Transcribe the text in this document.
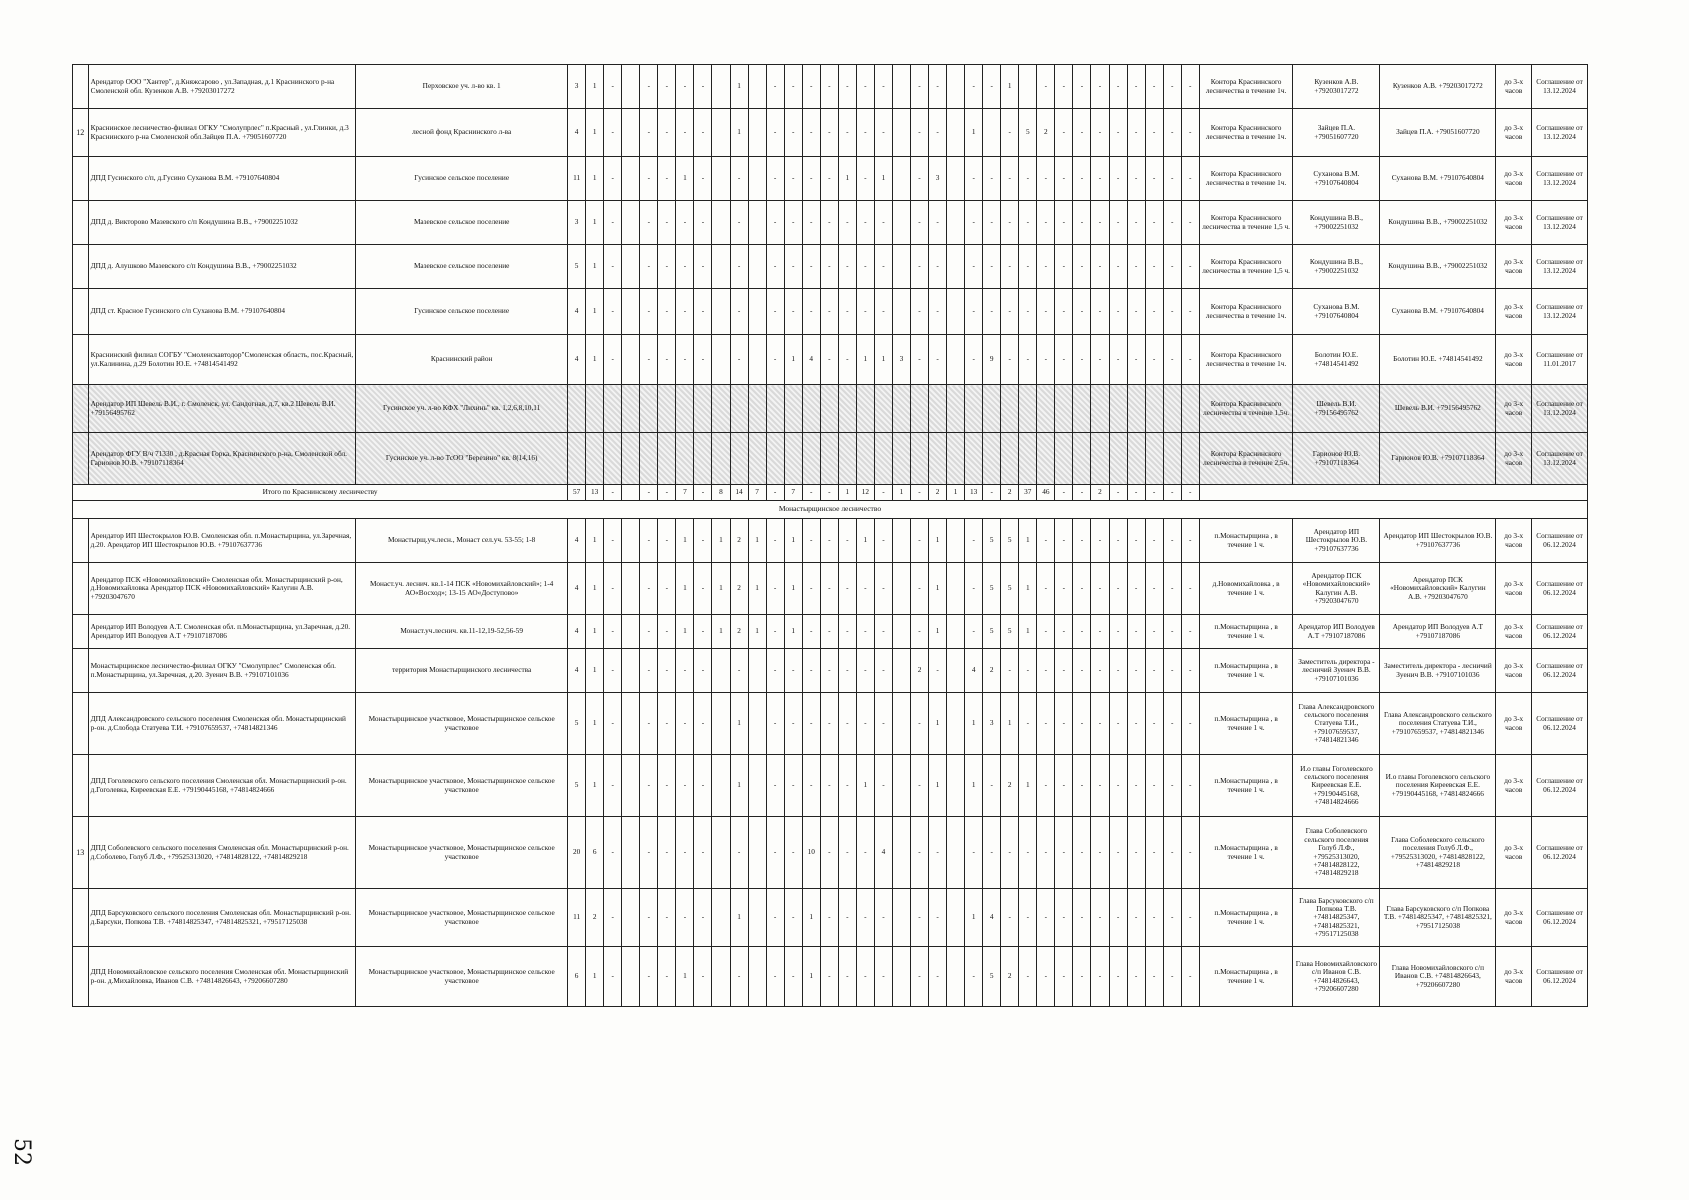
	Арендатор ООО "Хантер", д.Княжсарово , ул.Западная, д.1 Краснинского р-на Смоленской обл. Кузенков А.В. +79203017272	Перховское уч. л-во кв. 1	3	1	-		-	-	-	-		1		-	-	-	-	-	-	-		-	-		-	-	1		-	-	-	-	-	-	-	-	-	Контора Краснинского лесничества в течение 1ч.	Кузенков А.В. +79203017272	Кузенков А.В. +79203017272	до 3-х часов	Соглашение от 13.12.2024
12	Краснинское лесничество-филиал ОГКУ "Смолупрлес" п.Красный , ул.Глинки, д.3 Краснинского р-на Смоленской обл.Зайцев П.А. +79051607720	лесной фонд Краснинского л-ва	4	1	-		-	-	-	-		1		-	-	-	-	-	-	-		-	-		1		-	5	2	-	-	-	-	-	-	-	-	Контора Краснинского лесничества в течение 1ч.	Зайцев П.А. +79051607720	Зайцев П.А. +79051607720	до 3-х часов	Соглашение от 13.12.2024
	ДПД Гусинского с/п, д.Гусино Суханова В.М. +79107640804	Гусинское сельское поселение	11	1	-		-	-	1	-		-		-	-	-	-	1	-	1		-	3		-	-	-	-	-	-	-	-	-	-	-	-	-	Контора Краснинского лесничества в течение 1ч.	Суханова В.М. +79107640804	Суханова В.М. +79107640804	до 3-х часов	Соглашение от 13.12.2024
	ДПД д. Викторово Мазевского с/п Кондушина В.В., +79002251032	Мазевское сельское поселение	3	1	-		-	-	-	-		-		-	-	-	-	-	-	-		-	-		-	-	-	-	-	-	-	-	-	-	-	-	-	Контора Краснинского лесничества в течение 1,5 ч.	Кондушина В.В., +79002251032	Кондушина В.В., +79002251032	до 3-х часов	Соглашение от 13.12.2024
	ДПД д. Алушково Мазевского с/п Кондушина В.В., +79002251032	Мазевское сельское поселение	5	1	-		-	-	-	-		-		-	-	-	-	-	-	-		-	-		-	-	-	-	-	-	-	-	-	-	-	-	-	Контора Краснинского лесничества в течение 1,5 ч.	Кондушина В.В., +79002251032	Кондушина В.В., +79002251032	до 3-х часов	Соглашение от 13.12.2024
	ДПД ст. Красное Гусинского с/п Суханова В.М. +79107640804	Гусинское сельское поселение	4	1	-		-	-	-	-		-		-	-	-	-	-	-	-		-	-		-	-	-	-	-	-	-	-	-	-	-	-	-	Контора Краснинского лесничества в течение 1ч.	Суханова В.М. +79107640804	Суханова В.М. +79107640804	до 3-х часов	Соглашение от 13.12.2024
	Краснинский филиал СОГБУ "Смоленскавтодор"Смоленская область, пос.Красный, ул.Калинина, д.29 Болотин Ю.Е. +74814541492	Краснинский район	4	1	-		-	-	-	-		-		-	1	4	-	-	1	1	3	-	-		-	9	-	-	-	-	-	-	-	-	-	-	-	Контора Краснинского лесничества в течение 1ч.	Болотин Ю.Е. +74814541492	Болотин Ю.Е. +74814541492	до 3-х часов	Соглашение от 11.01.2017
	Арендатор ИП Шевель В.И., г. Смоленск, ул. Сандогная, д.7, кв.2 Шевель В.И. +79156495762	Гусинское уч. л-во КФХ "Лихинь" кв. 1,2,6,8,10,11																																				Контора Краснинского лесничества в течение 1,5ч.	Шевель В.И. +79156495762	Шевель В.И. +79156495762	до 3-х часов	Соглашение от 13.12.2024
	Арендатор ФГУ В/ч 71330 , д.Красная Горка, Краснинского р-на, Смоленской обл. Гарионов Ю.В. +79107118364	Гусинское уч. л-во ТсОО "Березино" кв. 8(14,16)																																				Контора Краснинского лесничества в течение 2,5ч.	Гарионов Ю.В. +79107118364	Гарионов Ю.В. +79107118364	до 3-х часов	Соглашение от 13.12.2024
Итого по Краснинскому лесничеству			57	13	-		-	-	7	-	8	14	7	-	7	-	-	1	12	-	1	-	2	1	13	-	2	37	46	-	-	2	-	-	-	-	-					
Монастырщинское лесничество																																										
	Арендатор ИП Шестокрылов Ю.В. Смоленская обл. п.Монастырщина, ул.Заречная, д.20. Арендатор ИП Шестокрылов Ю.В. +79107637736	Монастырщ.уч.лесн., Монаст сел.уч. 53-55; 1-8	4	1	-		-	-	1	-	1	2	1	-	1	-	-	-	1	-		-	1		-	5	5	1	-	-	-	-	-	-	-	-	-	п.Монастырщина , в течение 1 ч.	Арендатор ИП Шестокрылов Ю.В. +79107637736	Арендатор ИП Шестокрылов Ю.В. +79107637736	до 3-х часов	Соглашение от 06.12.2024
	Арендатор ПСК «Новомихайловский» Смоленская обл. Монастырщинский р-он, д.Новомихайловка Арендатор ПСК «Новомихайловский» Калугин А.В. +79203047670	Монаст.уч. леснич. кв.1-14 ПСК «Новомихайловский»; 1-4 АО«Восход»; 13-15 АО«Доступово»	4	1	-		-	-	1	-	1	2	1	-	1	-	-	-	-	-		-	1		-	5	5	1	-	-	-	-	-	-	-	-	-	д.Новомихайловка , в течение 1 ч.	Арендатор ПСК «Новомихайловский» Калугин А.В. +79203047670	Арендатор ПСК «Новомихайловский» Калугин А.В. +79203047670	до 3-х часов	Соглашение от 06.12.2024
	Арендатор ИП Володуев А.Т. Смоленская обл. п.Монастырщина, ул.Заречная, д.20. Арендатор ИП Володуев А.Т +79107187086	Монаст.уч.леснич. кв.11-12,19-52,56-59	4	1	-		-	-	1	-	1	2	1	-	1	-	-	-	-	-		-	1		-	5	5	1	-	-	-	-	-	-	-	-	-	п.Монастырщина , в течение 1 ч.	Арендатор ИП Володуев А.Т +79107187086	Арендатор ИП Володуев А.Т +79107187086	до 3-х часов	Соглашение от 06.12.2024
	Монастырщинское лесничество-филиал ОГКУ "Смолупрлес" Смоленская обл. п.Монастырщина, ул.Заречная, д.20. Зуенич В.В. +79107101036	территория Монастырщинского лесничества	4	1	-		-	-	-	-		-		-	-	-	-	-	-	-		2	-		4	2	-	-	-	-	-	-	-	-	-	-	-	п.Монастырщина , в течение 1 ч.	Заместитель директора - лесничий Зуенич В.В. +79107101036	Заместитель директора - лесничий Зуенич В.В. +79107101036	до 3-х часов	Соглашение от 06.12.2024
	ДПД Александровского сельского поселения Смоленская обл. Монастырщинский р-он. д.Слобода Статуева Т.И. +79107659537, +74814821346	Монастырщинское участковое, Монастырщинское сельское участковое	5	1	-		-	-	-	-		1		-	-	-	-	-	-	-		-	1		1	3	1	-	-	-	-	-	-	-	-	-	-	п.Монастырщина , в течение 1 ч.	Глава Александровского сельского поселения Статуева Т.И., +79107659537, +74814821346	Глава Александровского сельского поселения Статуева Т.И., +79107659537, +74814821346	до 3-х часов	Соглашение от 06.12.2024
	ДПД Гоголевского сельского поселения Смоленская обл. Монастырщинский р-он. д.Гоголевка, Киреевская Е.Е. +79190445168, +74814824666	Монастырщинское участковое, Монастырщинское сельское участковое	5	1	-		-	-	-	-		1		-	-	-	-	-	1	-		-	1		1	-	2	1	-	-	-	-	-	-	-	-	-	п.Монастырщина , в течение 1 ч.	И.о главы Гоголевского сельского поселения Киреевская Е.Е. +79190445168, +74814824666	И.о главы Гоголевского сельского поселения Киреевская Е.Е. +79190445168, +74814824666	до 3-х часов	Соглашение от 06.12.2024
13	ДПД Соболевского сельского поселения Смоленская обл. Монастырщинский р-он. д.Соболево, Голуб Л.Ф., +79525313020, +74814828122, +74814829218	Монастырщинское участковое, Монастырщинское сельское участковое	20	6	-		-	-	-	-		-		-	-	10	-	-	-	4		-	-		-	-	-	-	-	-	-	-	-	-	-	-	-	п.Монастырщина , в течение 1 ч.	Глава Соболевского сельского поселения Голуб Л.Ф., +79525313020, +74814828122, +74814829218	Глава Соболевского сельского поселения Голуб Л.Ф., +79525313020, +74814828122, +74814829218	до 3-х часов	Соглашение от 06.12.2024
	ДПД Барсуковского сельского поселения Смоленская обл. Монастырщинский р-он. д.Барсуки, Попкова Т.В. +74814825347, +74814825321, +79517125038	Монастырщинское участковое, Монастырщинское сельское участковое	11	2	-		-	-	-	-		1		-	-	1	-	-	-	-		-	-		1	4	-	-	-	-	-	-	-	-	-	-	-	п.Монастырщина , в течение 1 ч.	Глава Барсуковского с/п Попкова Т.В. +74814825347, +74814825321, +79517125038	Глава Барсуковского с/п Попкова Т.В. +74814825347, +74814825321, +79517125038	до 3-х часов	Соглашение от 06.12.2024
	ДПД Новомихайловское сельского поселения Смоленская обл. Монастырщинский р-он. д.Михайловка, Иванов С.В. +74814826643, +79206607280	Монастырщинское участковое, Монастырщинское сельское участковое	6	1	-		-	-	1	-		-		-	-	1	-	-	-	-		-	-		-	5	2	-	-	-	-	-	-	-	-	-	-	п.Монастырщина , в течение 1 ч.	Глава Новомихайловского с/п Иванов С.В. +74814826643, +79206607280	Глава Новомихайловского с/п Иванов С.В. +74814826643, +79206607280	до 3-х часов	Соглашение от 06.12.2024
52
